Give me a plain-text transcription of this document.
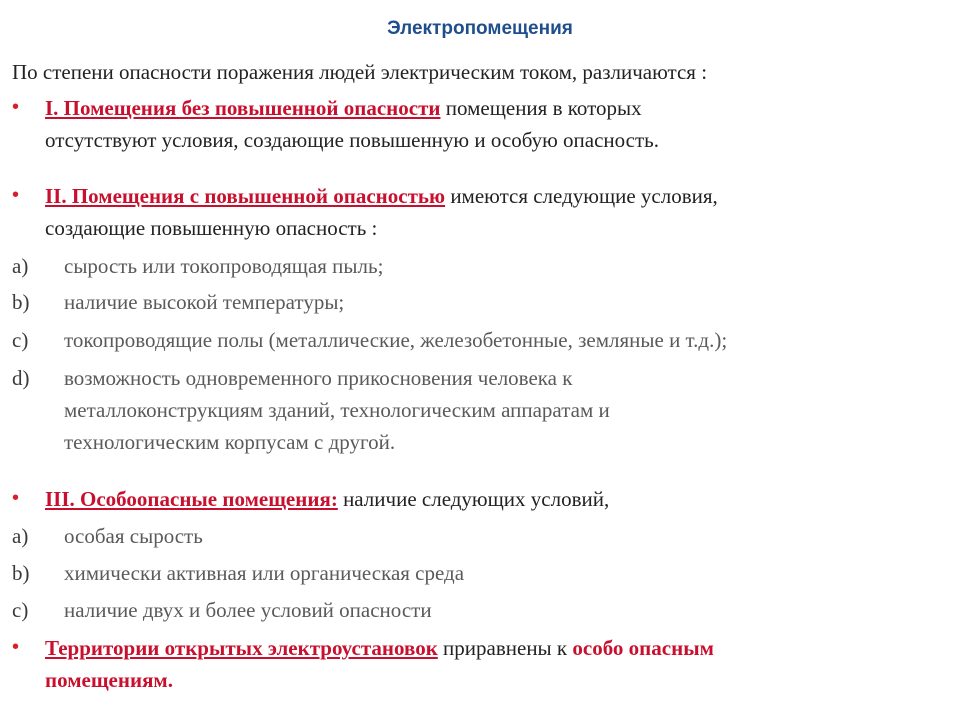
Электропомещения
По степени опасности поражения людей электрическим током, различаются :
•	I. Помещения без повышенной опасности помещения в которых
отсутствуют условия, создающие повышенную и особую опасность.
•	II. Помещения с повышенной опасностью имеются следующие условия,
создающие повышенную опасность :
a) сырость или токопроводящая пыль;
b) наличие высокой температуры;
c) токопроводящие полы (металлические, железобетонные, земляные и т.д.);
d) возможность одновременного прикосновения человека к
металлоконструкциям зданий, технологическим аппаратам и
технологическим корпусам с другой.
•	III. Особоопасные помещения: наличие следующих условий,
a) особая сырость
b) химически активная или органическая среда
c) наличие двух и более условий опасности
•	Территории открытых электроустановок приравнены к особо опасным
помещениям.
